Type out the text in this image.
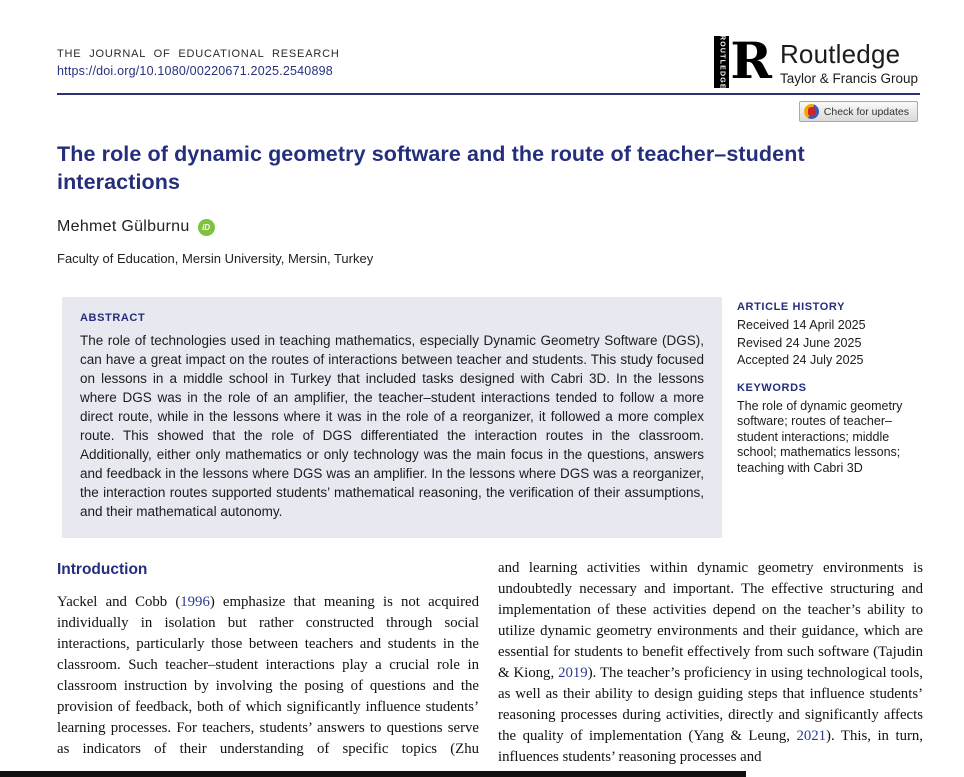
THE JOURNAL OF EDUCATIONAL RESEARCH
https://doi.org/10.1080/00220671.2025.2540898	ROUTLEDGE R Routledge
Taylor & Francis Group
Check for updates
The role of dynamic geometry software and the route of teacher–student interactions
Mehmet Gülburnu	iD
Faculty of Education, Mersin University, Mersin, Turkey
ABSTRACT
The role of technologies used in teaching mathematics, especially Dynamic Geometry Software (DGS), can have a great impact on the routes of interactions between teacher and students. This study focused on lessons in a middle school in Turkey that included tasks designed with Cabri 3D. In the lessons where DGS was in the role of an amplifier, the teacher–student interactions tended to follow a more direct route, while in the lessons where it was in the role of a reorganizer, it followed a more complex route. This showed that the role of DGS differentiated the interaction routes in the classroom. Additionally, either only mathematics or only technology was the main focus in the questions, answers and feedback in the lessons where DGS was an amplifier. In the lessons where DGS was a reorganizer, the interaction routes supported students’ mathematical reasoning, the verification of their assumptions, and their mathematical autonomy.
ARTICLE HISTORY
Received 14 April 2025
Revised 24 June 2025
Accepted 24 July 2025
KEYWORDS
The role of dynamic geometry software; routes of teacher–student interactions; middle school; mathematics lessons; teaching with Cabri 3D
Introduction

Yackel and Cobb (1996) emphasize that meaning is not acquired individually in isolation but rather constructed through social interactions, particularly those between teachers and students in the classroom. Such teacher–student interactions play a crucial role in classroom instruction by involving the posing of questions and the provision of feedback, both of which significantly influence students’ learning processes. For teachers, students’ answers to questions serve as indicators of their understanding of specific topics (Zhu

and learning activities within dynamic geometry environments is undoubtedly necessary and important. The effective structuring and implementation of these activities depend on the teacher’s ability to utilize dynamic geometry environments and their guidance, which are essential for students to benefit effectively from such software (Tajudin & Kiong, 2019). The teacher’s proficiency in using technological tools, as well as their ability to design guiding steps that influence students’ reasoning processes during activities, directly and significantly affects the quality of implementation (Yang & Leung, 2021). This, in turn, influences students’ reasoning processes and
